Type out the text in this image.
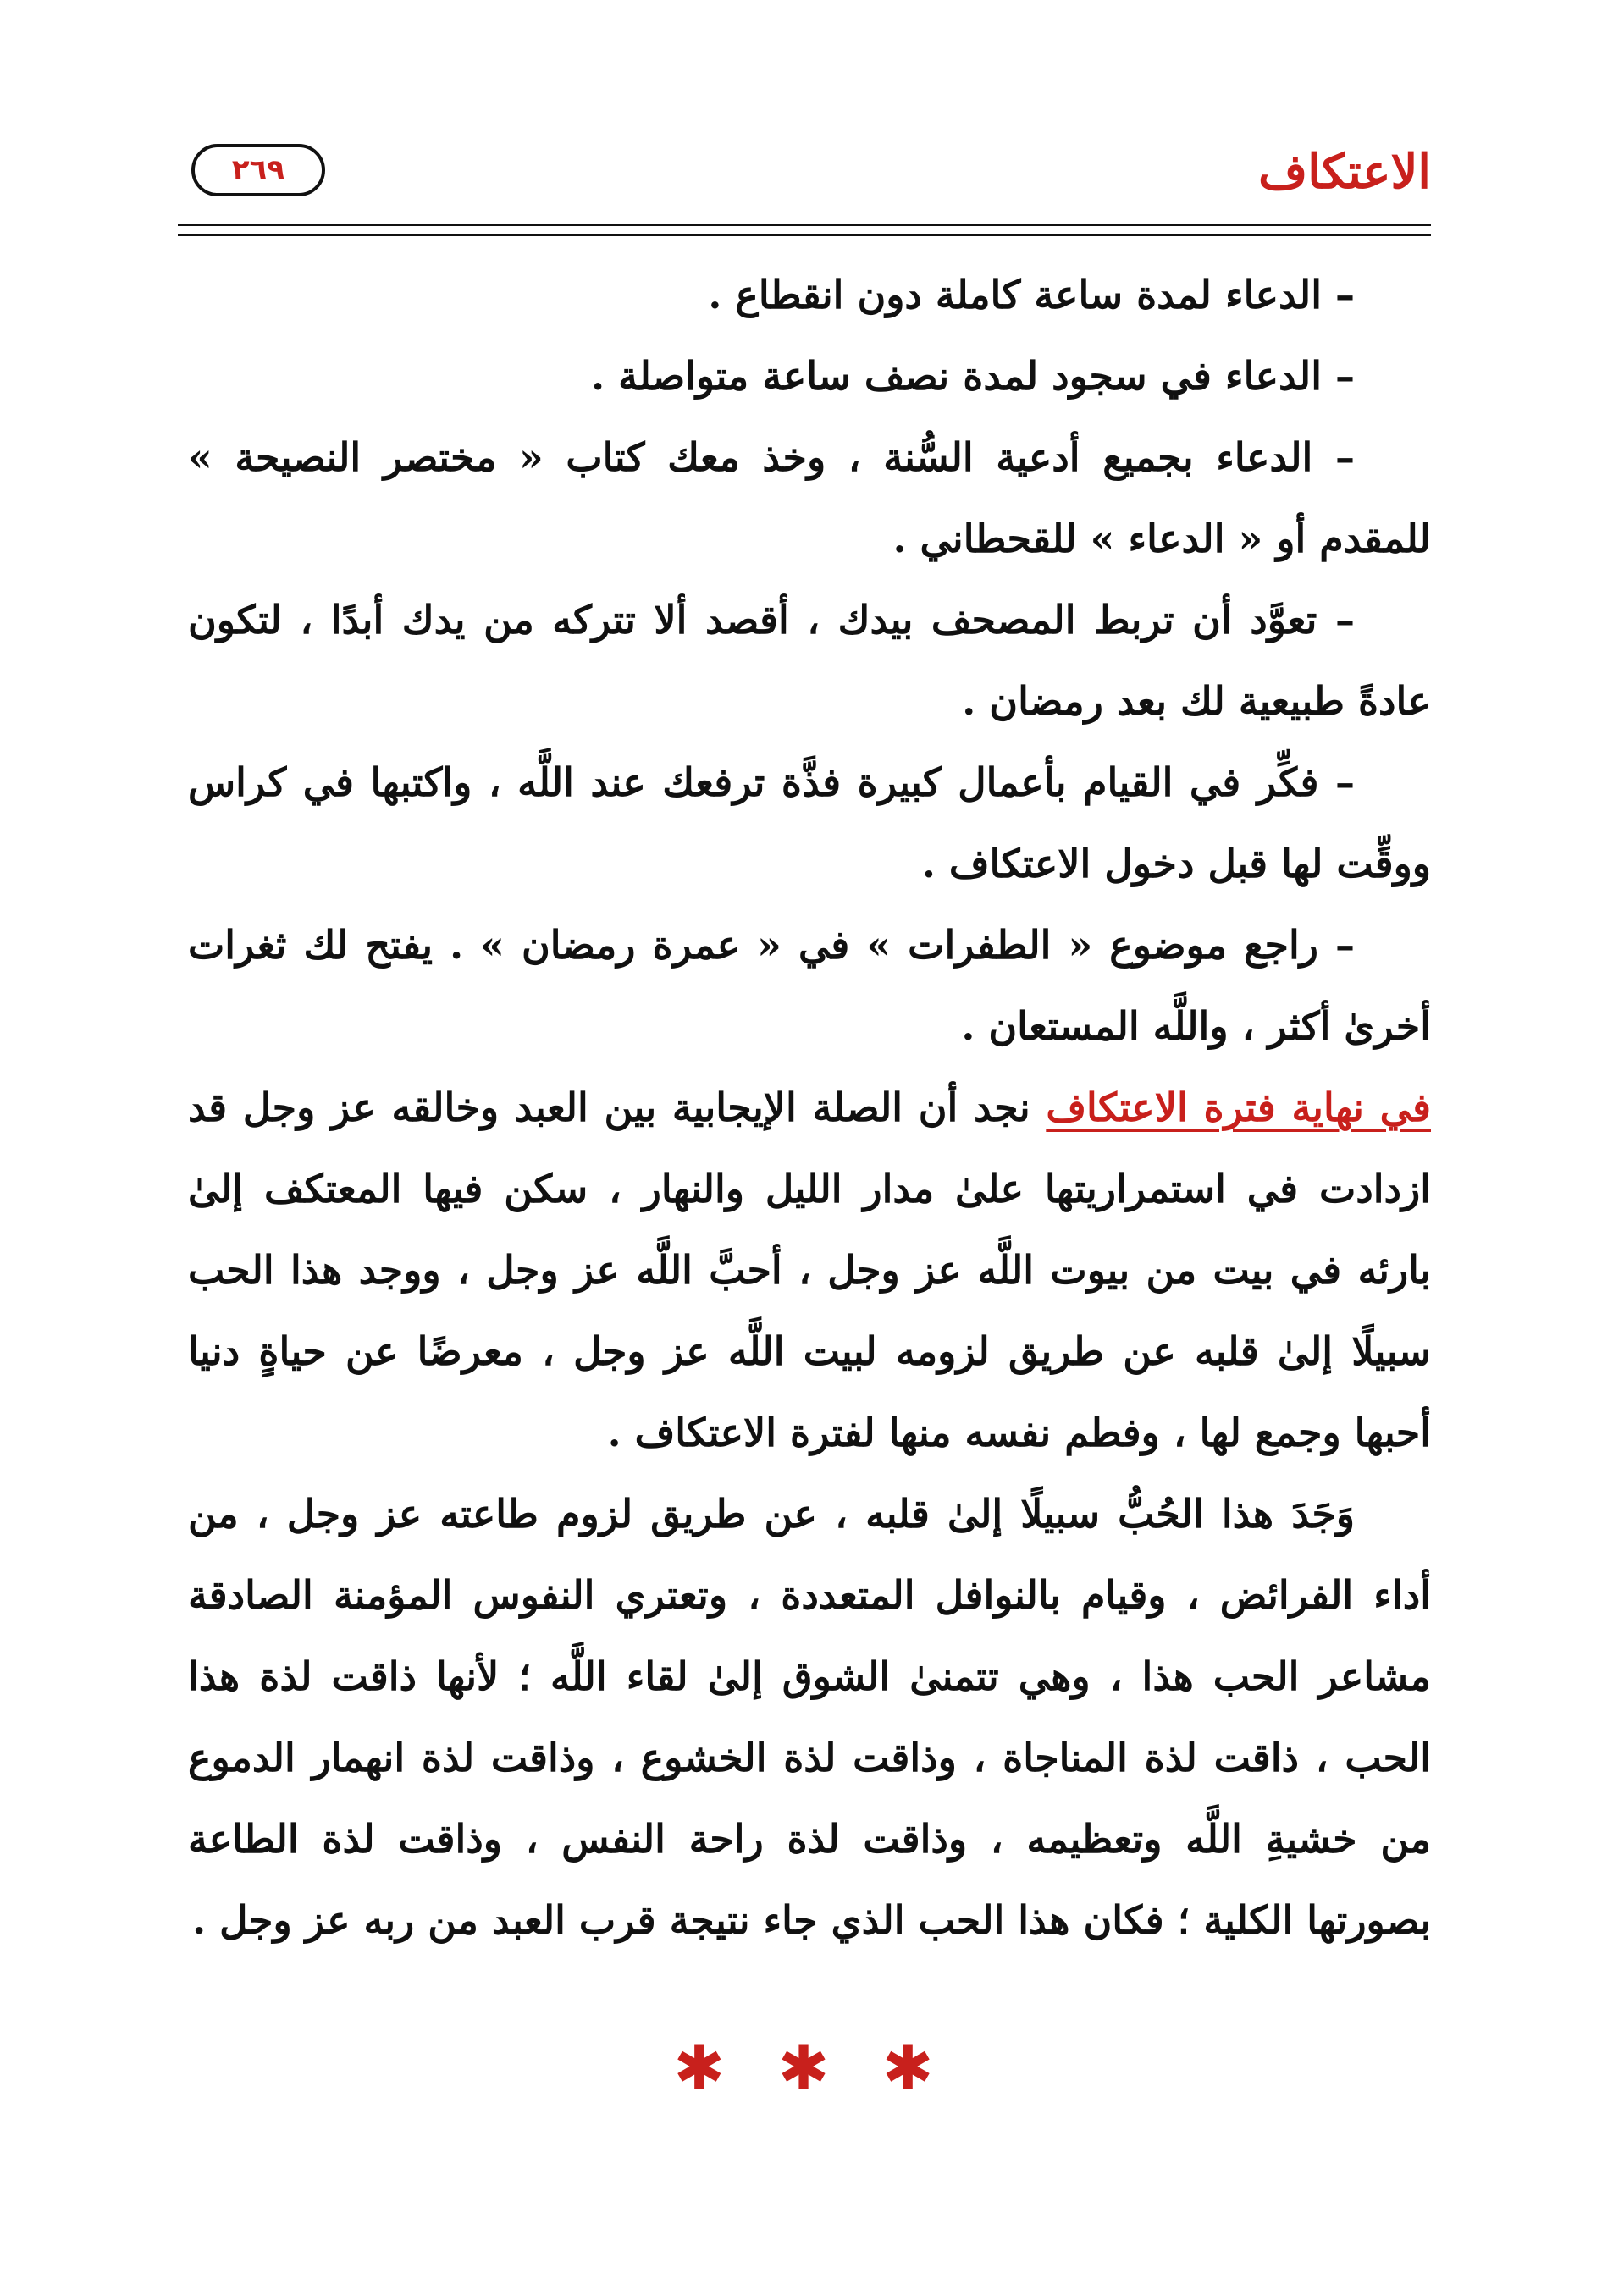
الاعتكاف
٢٦٩

– الدعاء لمدة ساعة كاملة دون انقطاع .

– الدعاء في سجود لمدة نصف ساعة متواصلة .

– الدعاء بجميع أدعية السُّنة ، وخذ معك كتاب « مختصر النصيحة » للمقدم أو « الدعاء » للقحطاني .

– تعوَّد أن تربط المصحف بيدك ، أقصد ألا تتركه من يدك أبدًا ، لتكون عادةً طبيعية لك بعد رمضان .

– فكِّر في القيام بأعمال كبيرة فذَّة ترفعك عند اللَّه ، واكتبها في كراس ووقِّت لها قبل دخول الاعتكاف .

– راجع موضوع « الطفرات » في « عمرة رمضان » . يفتح لك ثغرات أخرىٰ أكثر ، واللَّه المستعان .

في نهاية فترة الاعتكاف نجد أن الصلة الإيجابية بين العبد وخالقه عز وجل قد ازدادت في استمراريتها علىٰ مدار الليل والنهار ، سكن فيها المعتكف إلىٰ بارئه في بيت من بيوت اللَّه عز وجل ، أحبَّ اللَّه عز وجل ، ووجد هذا الحب سبيلًا إلىٰ قلبه عن طريق لزومه لبيت اللَّه عز وجل ، معرضًا عن حياةٍ دنيا أحبها وجمع لها ، وفطم نفسه منها لفترة الاعتكاف .

وَجَدَ هذا الحُبُّ سبيلًا إلىٰ قلبه ، عن طريق لزوم طاعته عز وجل ، من أداء الفرائض ، وقيام بالنوافل المتعددة ، وتعتري النفوس المؤمنة الصادقة مشاعر الحب هذا ، وهي تتمنىٰ الشوق إلىٰ لقاء اللَّه ؛ لأنها ذاقت لذة هذا الحب ، ذاقت لذة المناجاة ، وذاقت لذة الخشوع ، وذاقت لذة انهمار الدموع من خشيةِ اللَّه وتعظيمه ، وذاقت لذة راحة النفس ، وذاقت لذة الطاعة بصورتها الكلية ؛ فكان هذا الحب الذي جاء نتيجة قرب العبد من ربه عز وجل .

✱ ✱ ✱
